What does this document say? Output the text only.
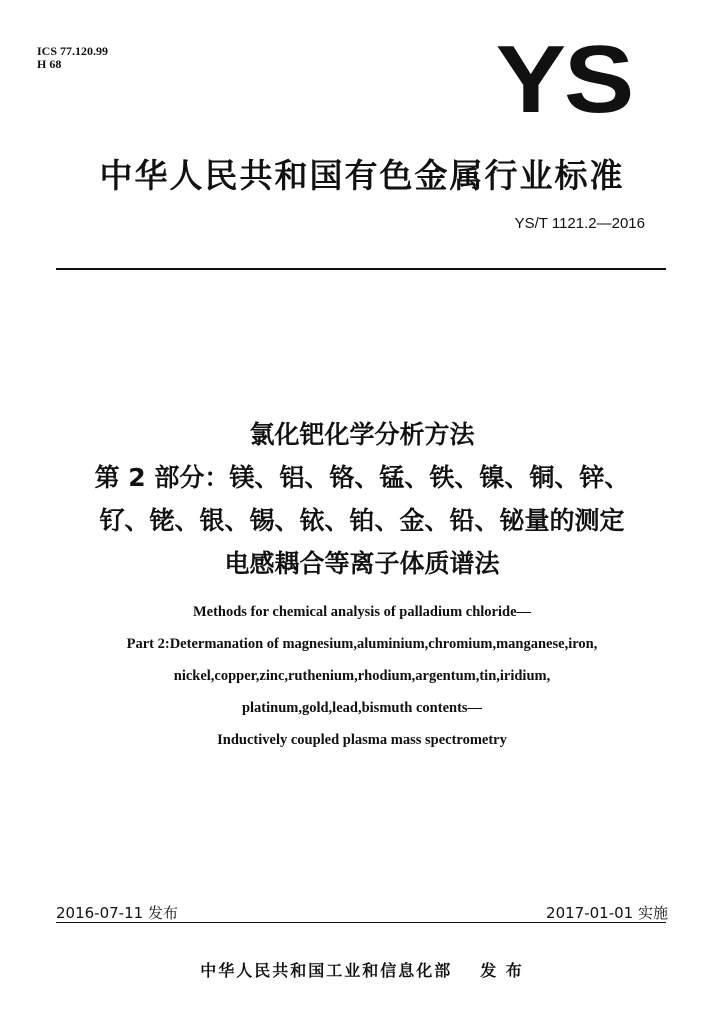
ICS 77.120.99
H 68	YS
中华人民共和国有色金属行业标准
YS/T 1121.2—2016
氯化钯化学分析方法
第 2 部分：镁、铝、铬、锰、铁、镍、铜、锌、
钌、铑、银、锡、铱、铂、金、铅、铋量的测定
电感耦合等离子体质谱法
Methods for chemical analysis of palladium chloride—
Part 2:Determanation of magnesium,aluminium,chromium,manganese,iron,
nickel,copper,zinc,ruthenium,rhodium,argentum,tin,iridium,
platinum,gold,lead,bismuth contents—
Inductively coupled plasma mass spectrometry
2016-07-11 发布	2017-01-01 实施
中华人民共和国工业和信息化部 发 布
